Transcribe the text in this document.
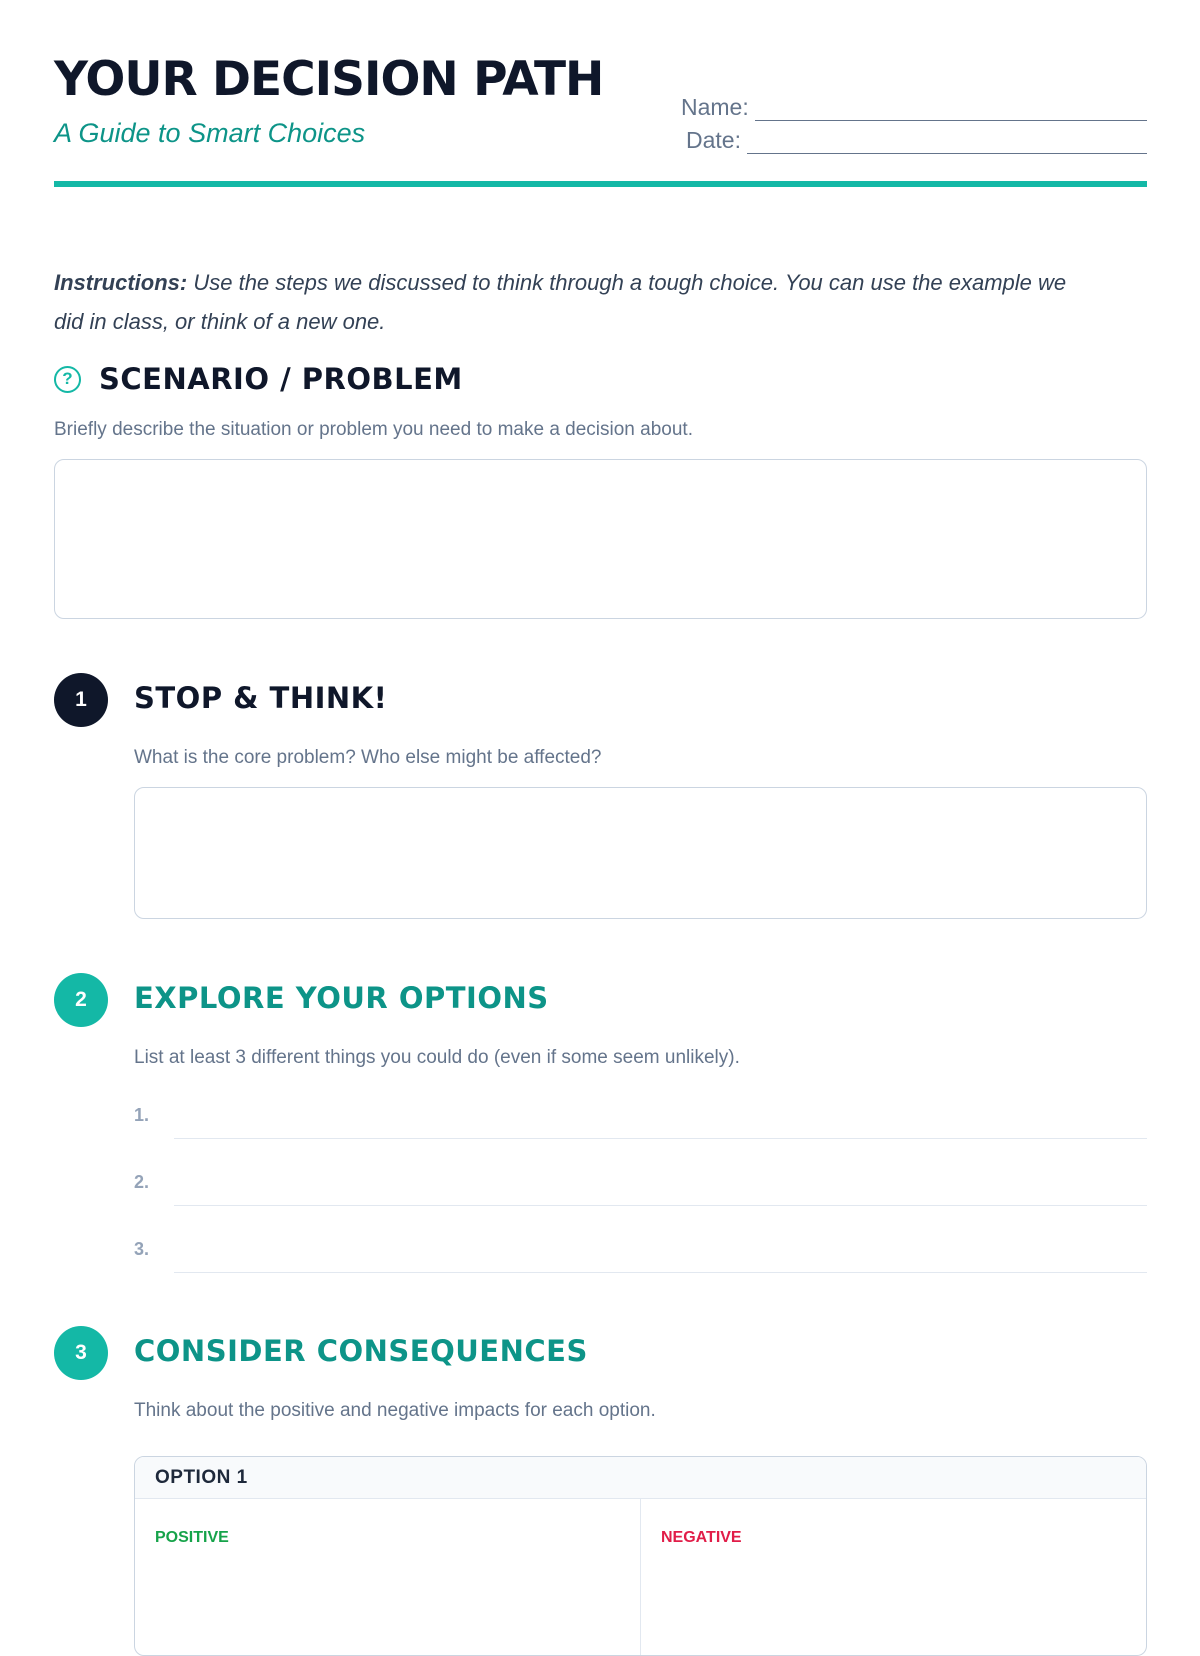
YOUR DECISION PATH

A Guide to Smart Choices

Name:
Date:

Instructions: Use the steps we discussed to think through a tough choice. You can use the example we did in class, or think of a new one.

? SCENARIO / PROBLEM

Briefly describe the situation or problem you need to make a decision about.

1	STOP & THINK!

What is the core problem? Who else might be affected?

2	EXPLORE YOUR OPTIONS

List at least 3 different things you could do (even if some seem unlikely).

1.
2.
3.
3	CONSIDER CONSEQUENCES

Think about the positive and negative impacts for each option.

OPTION 1
POSITIVE	NEGATIVE
